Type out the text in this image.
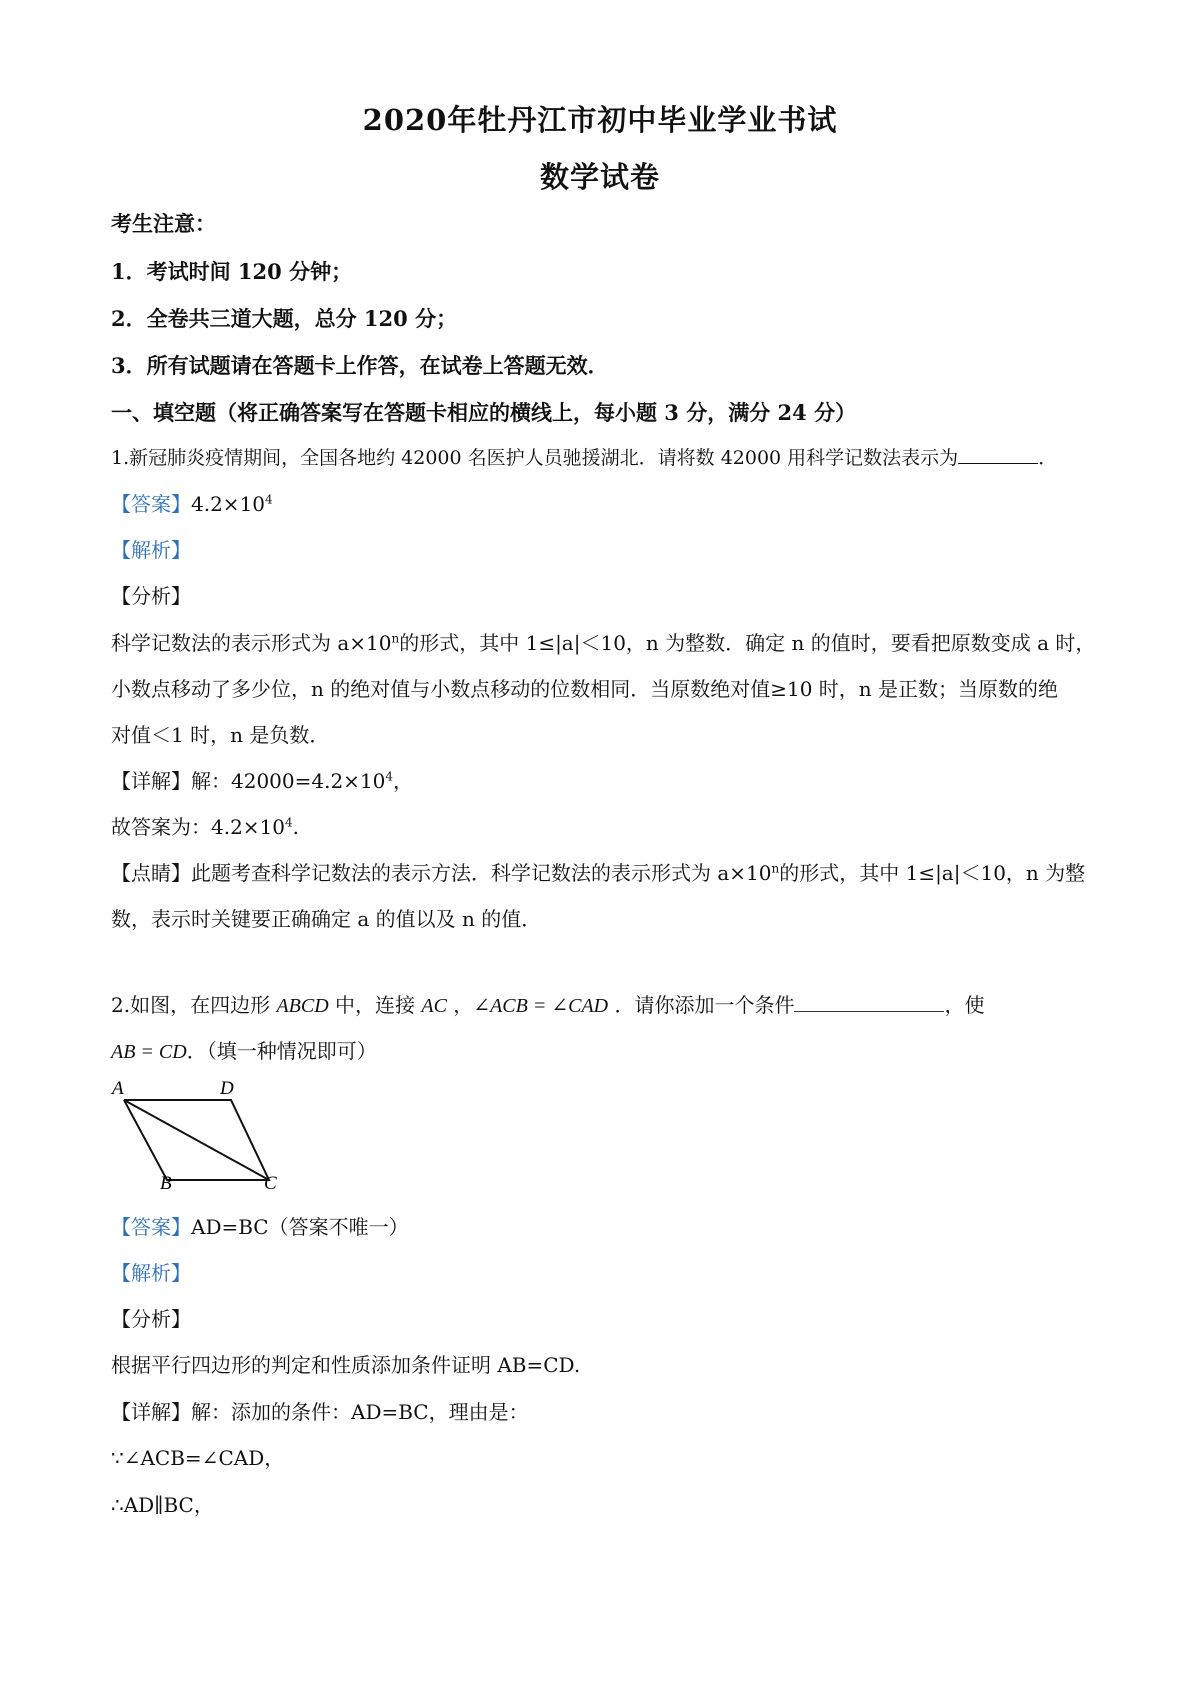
2020年牡丹江市初中毕业学业书试
数学试卷
考生注意：
1．考试时间 120 分钟；
2．全卷共三道大题，总分 120 分；
3．所有试题请在答题卡上作答，在试卷上答题无效．
一、填空题（将正确答案写在答题卡相应的横线上，每小题 3 分，满分 24 分）
1.新冠肺炎疫情期间，全国各地约 42000 名医护人员驰援湖北．请将数 42000 用科学记数法表示为	．
【答案】$4.2\times 10^4$
【解析】
【分析】
科学记数法的表示形式为 $a\times 10^n$的形式，其中 1≤|a|＜10，n 为整数．确定 n 的值时，要看把原数变成 a 时，
小数点移动了多少位，n 的绝对值与小数点移动的位数相同．当原数绝对值≥10 时，n 是正数；当原数的绝
对值＜1 时，n 是负数．
【详解】解：$42000=4.2\times 10^4$，
故答案为：$4.2\times 10^4$.
【点睛】此题考查科学记数法的表示方法．科学记数法的表示形式为 $a\times 10^n$的形式，其中 1≤|a|＜10，n 为整
数，表示时关键要正确确定 a 的值以及 n 的值．
2.如图，在四边形 ABCD 中，连接 AC ，∠ACB = ∠CAD ．请你添加一个条件	，使
AB = CD．（填一种情况即可）
A	D
B	C
【答案】AD=BC（答案不唯一）
【解析】
【分析】
根据平行四边形的判定和性质添加条件证明 AB=CD.
【详解】解：添加的条件：AD=BC，理由是：
∵∠ACB=∠CAD，
∴AD∥BC，
